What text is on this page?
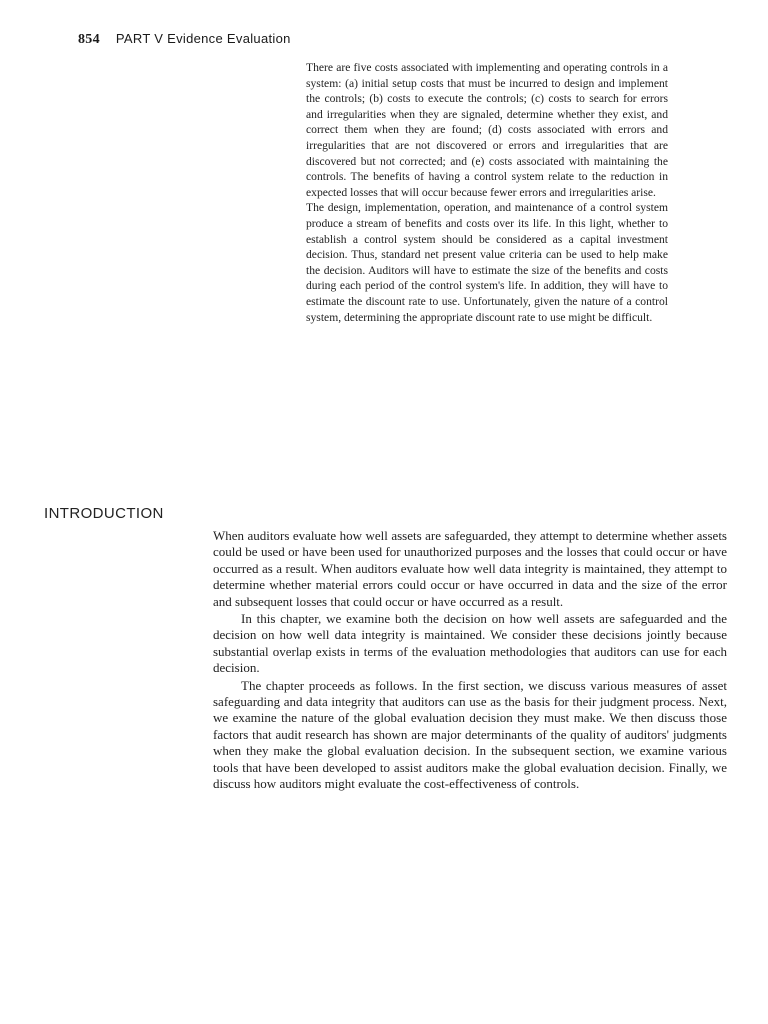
854 PART V Evidence Evaluation

There are five costs associated with implementing and operating controls in a system: (a) initial setup costs that must be incurred to design and implement the controls; (b) costs to execute the controls; (c) costs to search for errors and irregularities when they are signaled, determine whether they exist, and correct them when they are found; (d) costs associated with errors and irregularities that are not discovered or errors and irregularities that are discovered but not corrected; and (e) costs associated with maintaining the controls. The benefits of having a control system relate to the reduction in expected losses that will occur because fewer errors and irregularities arise.

The design, implementation, operation, and maintenance of a control system produce a stream of benefits and costs over its life. In this light, whether to establish a control system should be considered as a capital investment decision. Thus, standard net present value criteria can be used to help make the decision. Auditors will have to estimate the size of the benefits and costs during each period of the control system's life. In addition, they will have to estimate the discount rate to use. Unfortunately, given the nature of a control system, determining the appropriate discount rate to use might be difficult.

INTRODUCTION

When auditors evaluate how well assets are safeguarded, they attempt to determine whether assets could be used or have been used for unauthorized purposes and the losses that could occur or have occurred as a result. When auditors evaluate how well data integrity is maintained, they attempt to determine whether material errors could occur or have occurred in data and the size of the error and subsequent losses that could occur or have occurred as a result.

In this chapter, we examine both the decision on how well assets are safeguarded and the decision on how well data integrity is maintained. We consider these decisions jointly because substantial overlap exists in terms of the evaluation methodologies that auditors can use for each decision.

The chapter proceeds as follows. In the first section, we discuss various measures of asset safeguarding and data integrity that auditors can use as the basis for their judgment process. Next, we examine the nature of the global evaluation decision they must make. We then discuss those factors that audit research has shown are major determinants of the quality of auditors' judgments when they make the global evaluation decision. In the subsequent section, we examine various tools that have been developed to assist auditors make the global evaluation decision. Finally, we discuss how auditors might evaluate the cost-effectiveness of controls.
